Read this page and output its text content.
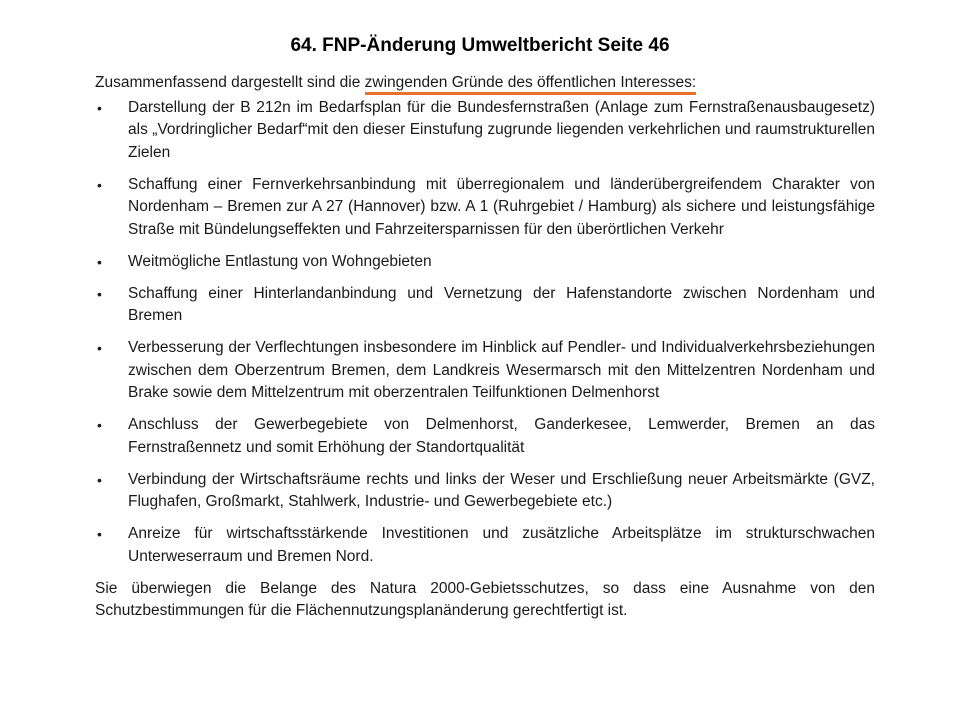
64. FNP-Änderung Umweltbericht Seite 46

Zusammenfassend dargestellt sind die zwingenden Gründe des öffentlichen Interesses:

• Darstellung der B 212n im Bedarfsplan für die Bundesfernstraßen (Anlage zum Fernstraßenausbaugesetz) als „Vordringlicher Bedarf“mit den dieser Einstufung zugrunde liegenden verkehrlichen und raumstrukturellen Zielen
• Schaffung einer Fernverkehrsanbindung mit überregionalem und länderübergreifendem Charakter von Nordenham – Bremen zur A 27 (Hannover) bzw. A 1 (Ruhrgebiet / Hamburg) als sichere und leistungsfähige Straße mit Bündelungseffekten und Fahrzeitersparnissen für den überörtlichen Verkehr
• Weitmögliche Entlastung von Wohngebieten
• Schaffung einer Hinterlandanbindung und Vernetzung der Hafenstandorte zwischen Nordenham und Bremen
• Verbesserung der Verflechtungen insbesondere im Hinblick auf Pendler- und Individualverkehrsbeziehungen zwischen dem Oberzentrum Bremen, dem Landkreis Wesermarsch mit den Mittelzentren Nordenham und Brake sowie dem Mittelzentrum mit oberzentralen Teilfunktionen Delmenhorst
• Anschluss der Gewerbegebiete von Delmenhorst, Ganderkesee, Lemwerder, Bremen an das Fernstraßennetz und somit Erhöhung der Standortqualität
• Verbindung der Wirtschaftsräume rechts und links der Weser und Erschließung neuer Arbeitsmärkte (GVZ, Flughafen, Großmarkt, Stahlwerk, Industrie- und Gewerbegebiete etc.)
• Anreize für wirtschaftsstärkende Investitionen und zusätzliche Arbeitsplätze im strukturschwachen Unterweserraum und Bremen Nord.

Sie überwiegen die Belange des Natura 2000-Gebietsschutzes, so dass eine Ausnahme von den Schutzbestimmungen für die Flächennutzungsplanänderung gerechtfertigt ist.
